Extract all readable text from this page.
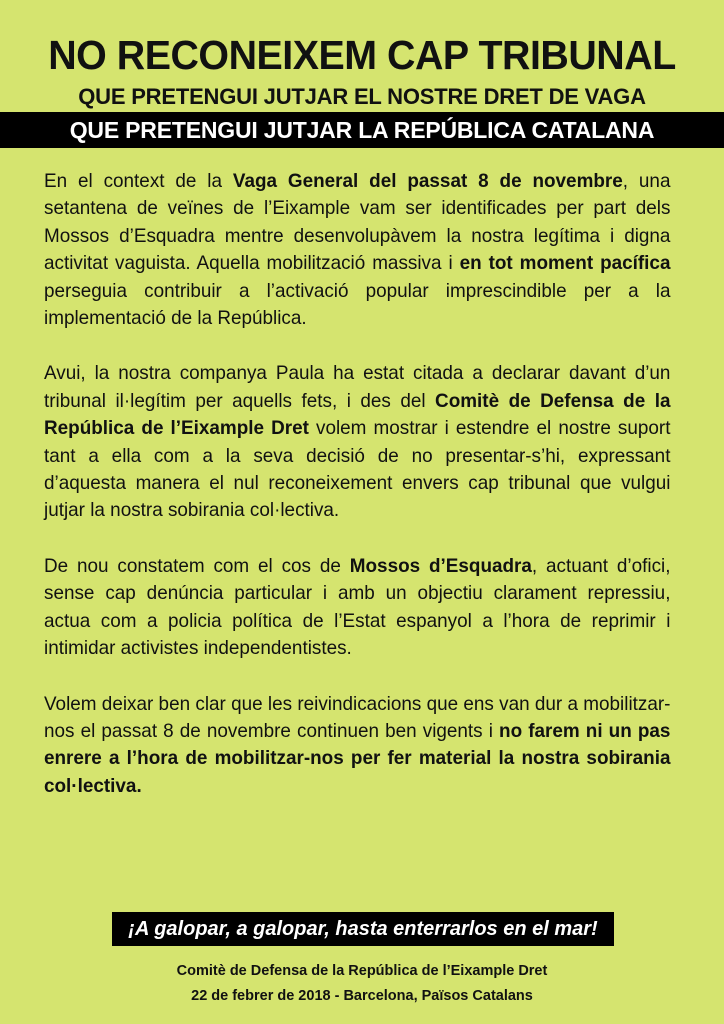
NO RECONEIXEM CAP TRIBUNAL
QUE PRETENGUI JUTJAR EL NOSTRE DRET DE VAGA
QUE PRETENGUI JUTJAR LA REPÚBLICA CATALANA

En el context de la Vaga General del passat 8 de novembre, una setantena de veïnes de l’Eixample vam ser identificades per part dels Mossos d’Esquadra mentre desenvolupàvem la nostra legítima i digna activitat vaguista. Aquella mobilització massiva i en tot moment pacífica perseguia contribuir a l’activació popular imprescindible per a la implementació de la República.

Avui, la nostra companya Paula ha estat citada a declarar davant d’un tribunal il·legítim per aquells fets, i des del Comitè de Defensa de la República de l’Eixample Dret volem mostrar i estendre el nostre suport tant a ella com a la seva decisió de no presentar-s’hi, expressant d’aquesta manera el nul reconeixement envers cap tribunal que vulgui jutjar la nostra sobirania col·lectiva.

De nou constatem com el cos de Mossos d’Esquadra, actuant d’ofici, sense cap denúncia particular i amb un objectiu clarament repressiu, actua com a policia política de l’Estat espanyol a l’hora de reprimir i intimidar activistes independentistes.

Volem deixar ben clar que les reivindicacions que ens van dur a mobilitzar-nos el passat 8 de novembre continuen ben vigents i no farem ni un pas enrere a l’hora de mobilitzar-nos per fer material la nostra sobirania col·lectiva.

¡A galopar, a galopar, hasta enterrarlos en el mar!
Comitè de Defensa de la República de l’Eixample Dret
22 de febrer de 2018 - Barcelona, Països Catalans
